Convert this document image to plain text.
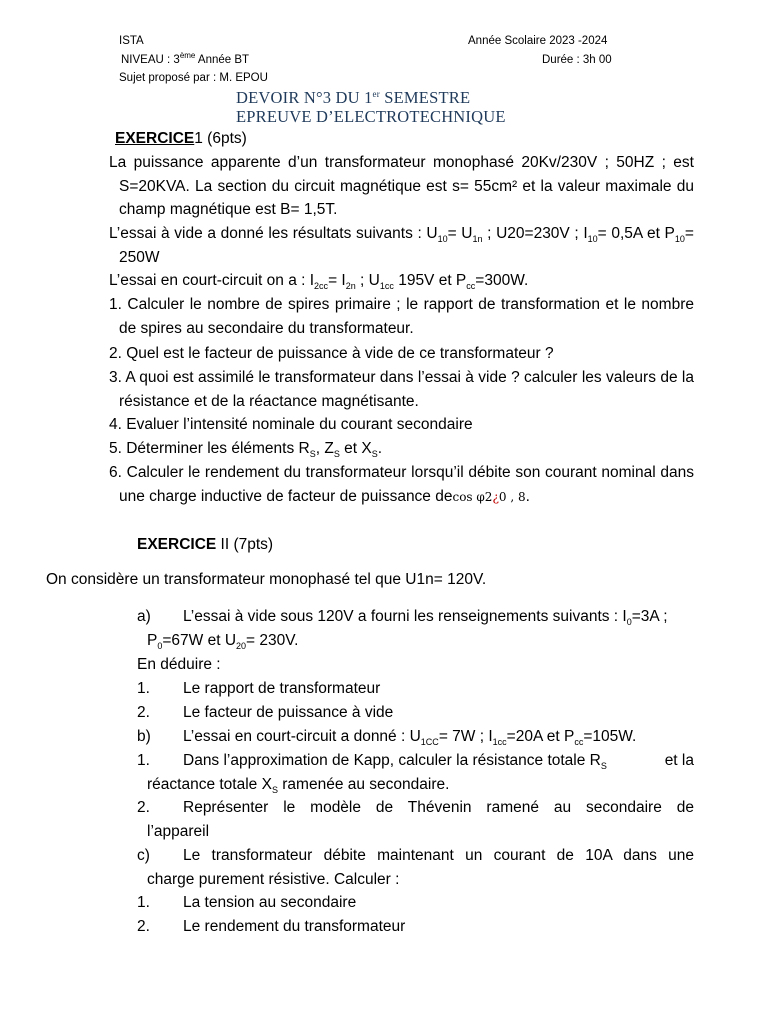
ISTA	Année Scolaire 2023 -2024
NIVEAU : 3ème Année BT	Durée : 3h 00
Sujet proposé par : M. EPOU
DEVOIR N°3 DU 1er SEMESTRE
EPREUVE D’ELECTROTECHNIQUE
EXERCICE1 (6pts)
La puissance apparente d’un transformateur monophasé 20Kv/230V ; 50HZ ; est S=20KVA. La section du circuit magnétique est s= 55cm² et la valeur maximale du champ magnétique est B= 1,5T.
L’essai à vide a donné les résultats suivants : $U_{10}= U_{1n}$ ; U20=230V ; $I_{10}= 0,5A$ et $P_{10}= 250W$
L’essai en court-circuit on a : $I_{2cc}= I_{2n}$ ; $U_{1cc}$ 195V et $P_{cc}=300W$.
1. Calculer le nombre de spires primaire ; le rapport de transformation et le nombre de spires au secondaire du transformateur.
2. Quel est le facteur de puissance à vide de ce transformateur ?
3. A quoi est assimilé le transformateur dans l’essai à vide ? calculer les valeurs de la résistance et de la réactance magnétisante.
4. Evaluer l’intensité nominale du courant secondaire
5. Déterminer les éléments $R_S$, $Z_S$ et $X_S$.
6. Calculer le rendement du transformateur lorsqu’il débite son courant nominal dans une charge inductive de facteur de puissance decos φ2¿0 , 8.
EXERCICE II (7pts)
On considère un transformateur monophasé tel que U1n= 120V.
a) L’essai à vide sous 120V a fourni les renseignements suivants : $I_0=3A$ ;
$P_0=67W$ et $U_{20}= 230V$.
En déduire :
1. Le rapport de transformateur
2. Le facteur de puissance à vide
b) L’essai en court-circuit a donné : $U_{1CC}= 7W$ ; $I_{1cc}=20A$ et $P_{cc}=105W$.
1. Dans l’approximation de Kapp, calculer la résistance totale $R_S$	et la
réactance totale $X_S$ ramenée au secondaire.
2. Représenter le modèle de Thévenin ramené au secondaire de
l’appareil
c) Le transformateur débite maintenant un courant de 10A dans une
charge purement résistive. Calculer :
1. La tension au secondaire
2. Le rendement du transformateur
